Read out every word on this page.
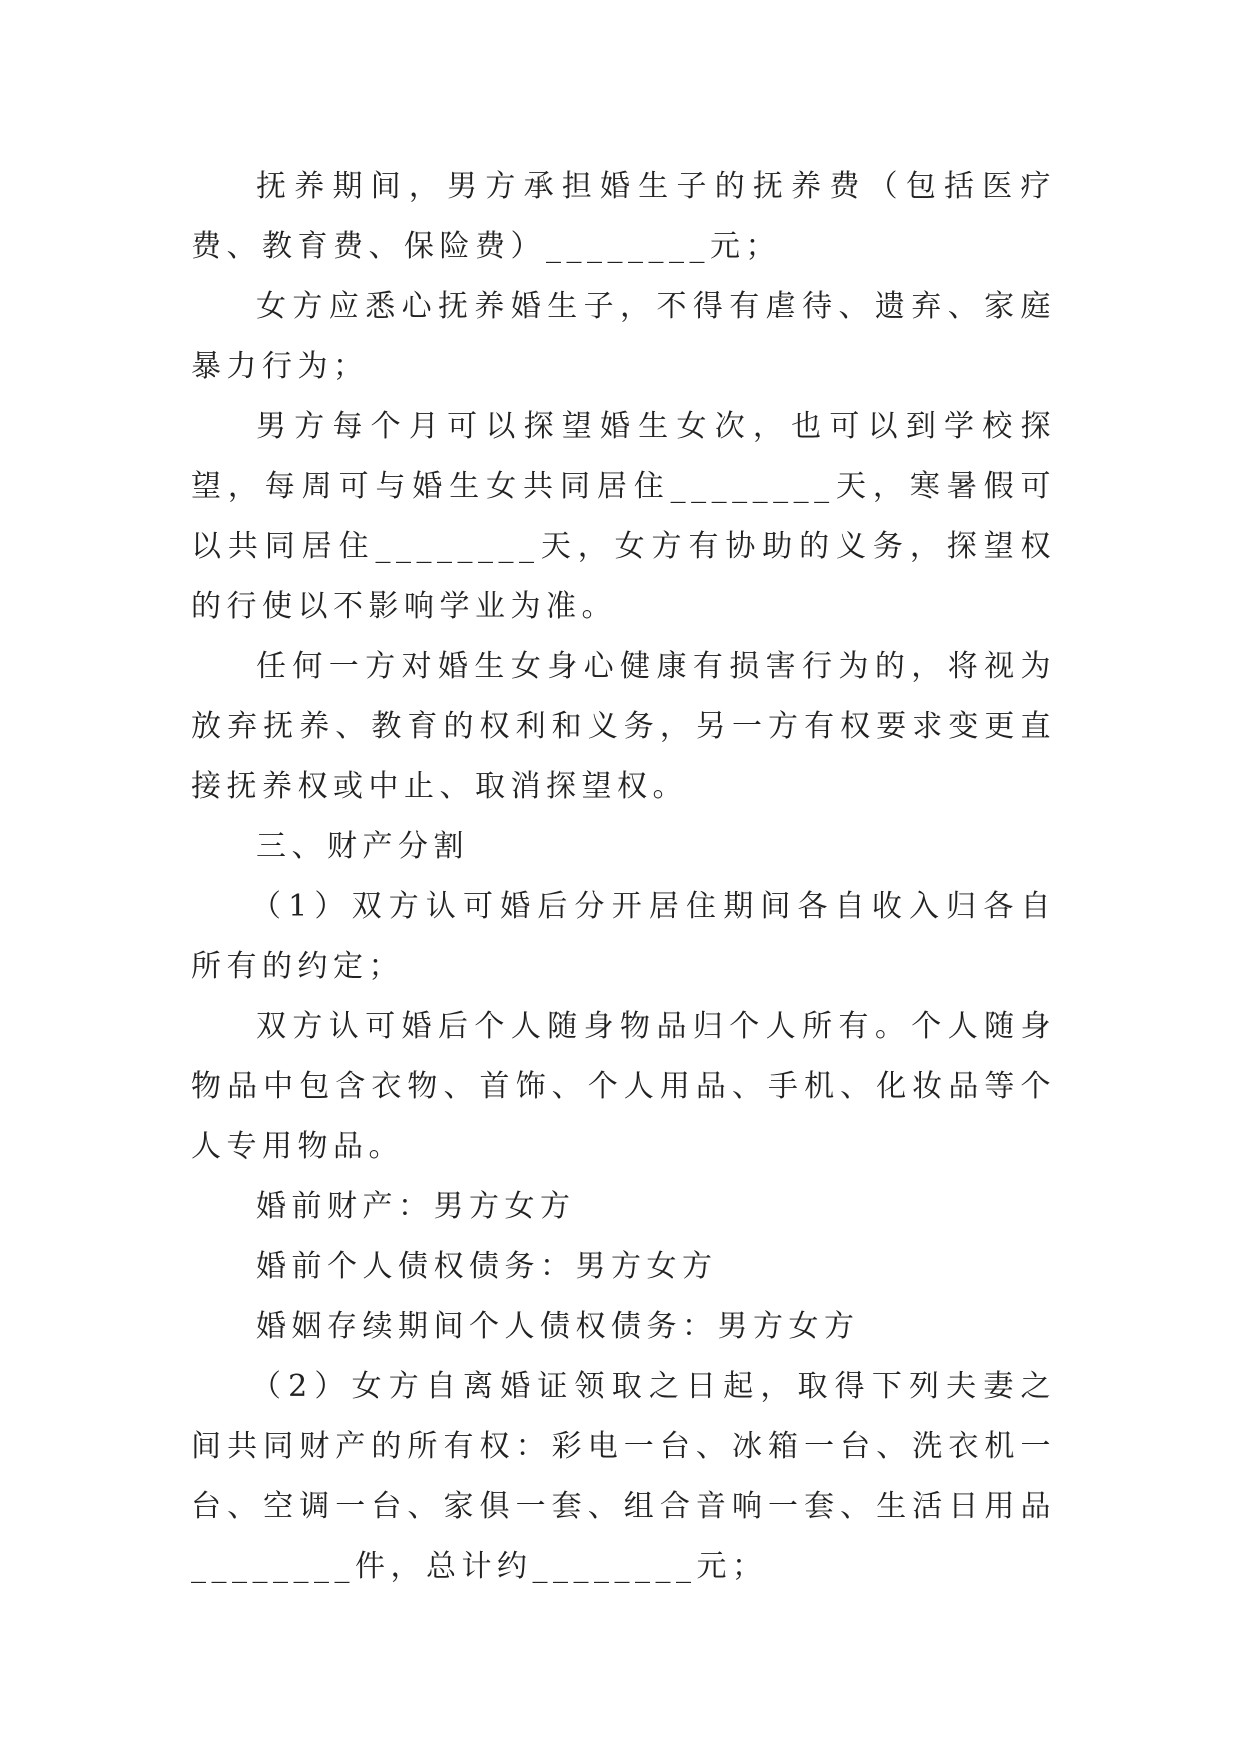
抚养期间，男方承担婚生子的抚养费（包括医疗费、教育费、保险费）________元；

女方应悉心抚养婚生子，不得有虐待、遗弃、家庭暴力行为；

男方每个月可以探望婚生女次，也可以到学校探望，每周可与婚生女共同居住________天，寒暑假可以共同居住________天，女方有协助的义务，探望权的行使以不影响学业为准。

任何一方对婚生女身心健康有损害行为的，将视为放弃抚养、教育的权利和义务，另一方有权要求变更直接抚养权或中止、取消探望权。

三、财产分割

（1）双方认可婚后分开居住期间各自收入归各自所有的约定；

双方认可婚后个人随身物品归个人所有。个人随身物品中包含衣物、首饰、个人用品、手机、化妆品等个人专用物品。

婚前财产：男方女方

婚前个人债权债务：男方女方

婚姻存续期间个人债权债务：男方女方

（2）女方自离婚证领取之日起，取得下列夫妻之间共同财产的所有权：彩电一台、冰箱一台、洗衣机一台、空调一台、家俱一套、组合音响一套、生活日用品________件，总计约________元；
